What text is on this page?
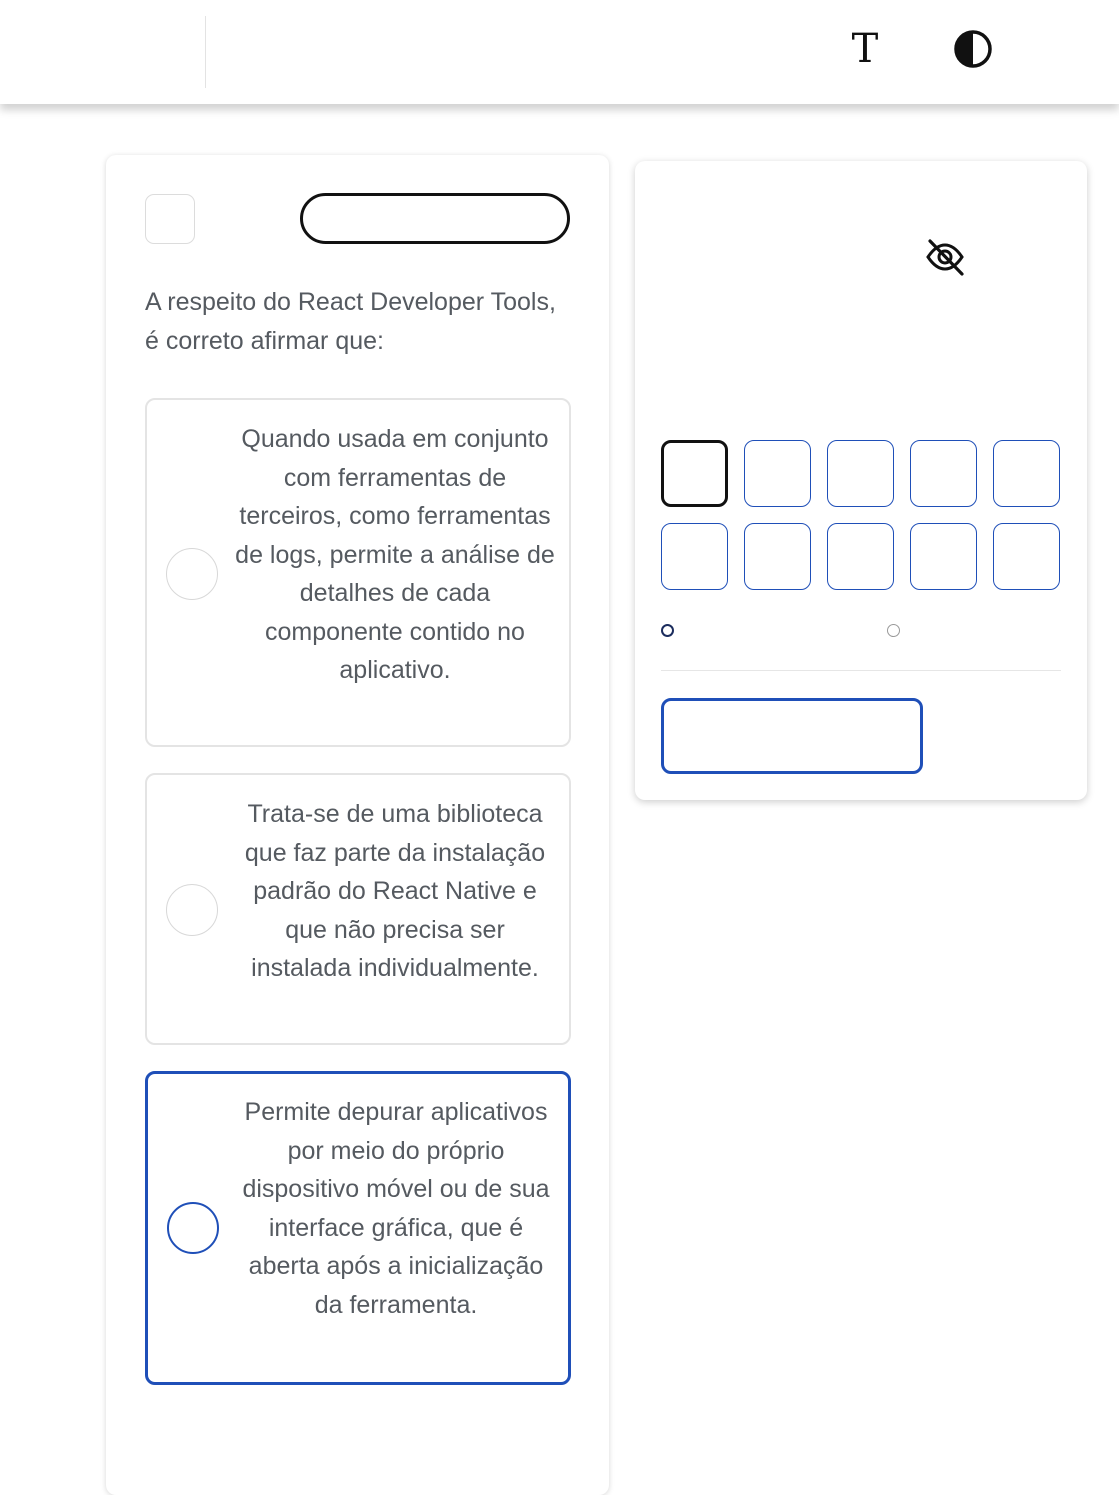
T
A respeito do React Developer Tools, é correto afirmar que:
Quando usada em conjunto com ferramentas de terceiros, como ferramentas de logs, permite a análise de detalhes de cada componente contido no aplicativo.
Trata-se de uma biblioteca que faz parte da instalação padrão do React Native e que não precisa ser instalada individualmente.
Permite depurar aplicativos por meio do próprio dispositivo móvel ou de sua interface gráfica, que é aberta após a inicialização da ferramenta.
